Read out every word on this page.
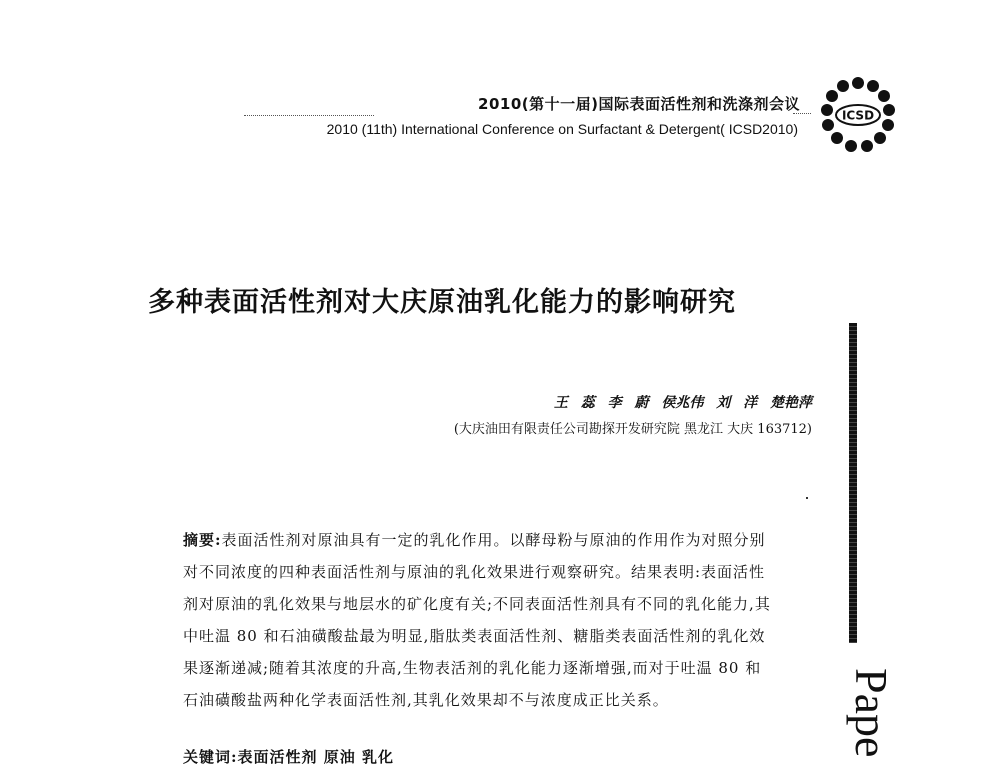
2010(第十一届)国际表面活性剂和洗涤剂会议
2010 (11th) International Conference on Surfactant & Detergent( ICSD2010)
ICSD
多种表面活性剂对大庆原油乳化能力的影响研究
王 蕊 李 蔚 侯兆伟 刘 洋 楚艳萍
(大庆油田有限责任公司勘探开发研究院 黑龙江 大庆 163712)
摘要:表面活性剂对原油具有一定的乳化作用。以酵母粉与原油的作用作为对照分别对不同浓度的四种表面活性剂与原油的乳化效果进行观察研究。结果表明:表面活性剂对原油的乳化效果与地层水的矿化度有关;不同表面活性剂具有不同的乳化能力,其中吐温 80 和石油磺酸盐最为明显,脂肽类表面活性剂、糖脂类表面活性剂的乳化效果逐渐递减;随着其浓度的升高,生物表活剂的乳化能力逐渐增强,而对于吐温 80 和石油磺酸盐两种化学表面活性剂,其乳化效果却不与浓度成正比关系。
关键词:表面活性剂 原油 乳化	Pape
